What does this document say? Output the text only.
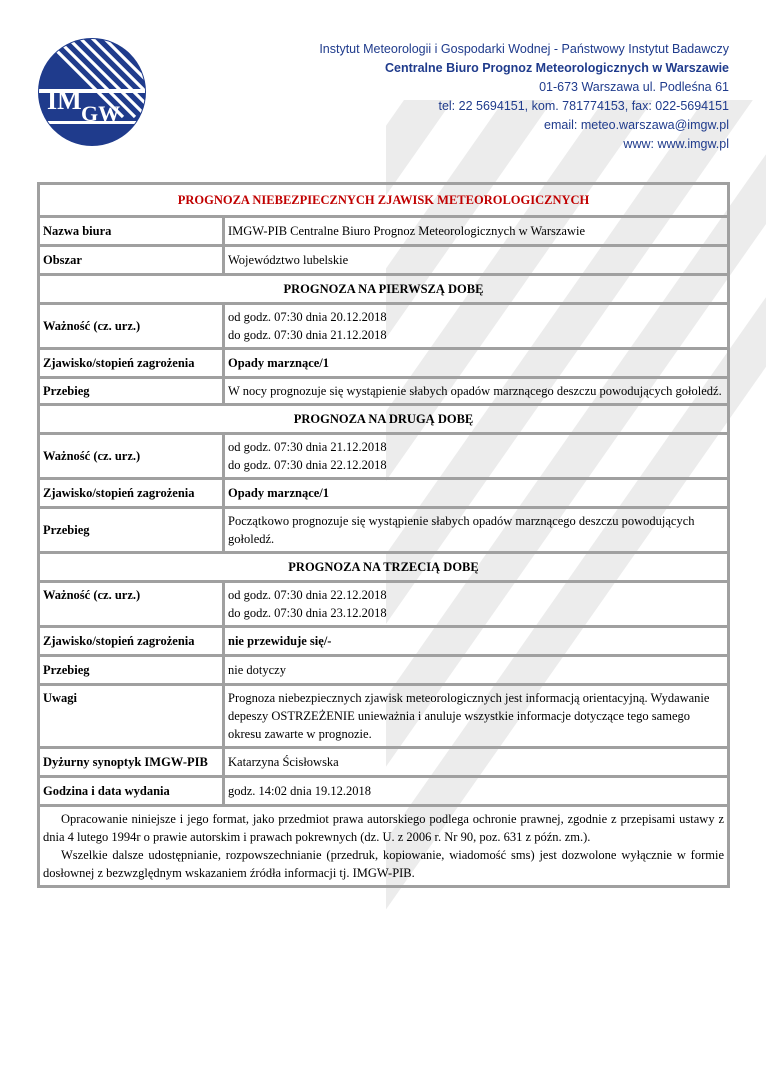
IM GW
Instytut Meteorologii i Gospodarki Wodnej - Państwowy Instytut Badawczy
Centralne Biuro Prognoz Meteorologicznych w Warszawie
01-673 Warszawa ul. Podleśna 61
tel: 22 5694151, kom. 781774153, fax: 022-5694151
email: meteo.warszawa@imgw.pl
www: www.imgw.pl
PROGNOZA NIEBEZPIECZNYCH ZJAWISK METEOROLOGICZNYCH	
Nazwa biura	IMGW-PIB Centralne Biuro Prognoz Meteorologicznych w Warszawie
Obszar	Województwo lubelskie
PROGNOZA NA PIERWSZĄ DOBĘ	
Ważność (cz. urz.)	od godz. 07:30 dnia 20.12.2018
do godz. 07:30 dnia 21.12.2018

Zjawisko/stopień zagrożenia	Opady marznące/1
Przebieg	W nocy prognozuje się wystąpienie słabych opadów marznącego deszczu powodujących gołoledź.
PROGNOZA NA DRUGĄ DOBĘ	
Ważność (cz. urz.)	od godz. 07:30 dnia 21.12.2018
do godz. 07:30 dnia 22.12.2018

Zjawisko/stopień zagrożenia	Opady marznące/1
Przebieg	Początkowo prognozuje się wystąpienie słabych opadów marznącego deszczu powodujących gołoledź.
PROGNOZA NA TRZECIĄ DOBĘ	
Ważność (cz. urz.)	od godz. 07:30 dnia 22.12.2018
do godz. 07:30 dnia 23.12.2018

Zjawisko/stopień zagrożenia	nie przewiduje się/-
Przebieg	nie dotyczy
Uwagi	Prognoza niebezpiecznych zjawisk meteorologicznych jest informacją orientacyjną. Wydawanie depeszy OSTRZEŻENIE unieważnia i anuluje wszystkie informacje dotyczące tego samego okresu zawarte w prognozie.
Dyżurny synoptyk IMGW-PIB	Katarzyna Ścisłowska
Godzina i data wydania	godz. 14:02 dnia 19.12.2018

Opracowanie niniejsze i jego format, jako przedmiot prawa autorskiego podlega ochronie prawnej, zgodnie z przepisami ustawy z dnia 4 lutego 1994r o prawie autorskim i prawach pokrewnych (dz. U. z 2006 r. Nr 90, poz. 631 z późn. zm.).
Wszelkie dalsze udostępnianie, rozpowszechnianie (przedruk, kopiowanie, wiadomość sms) jest dozwolone wyłącznie w formie dosłownej z bezwzględnym wskazaniem źródła informacji tj. IMGW-PIB.	
